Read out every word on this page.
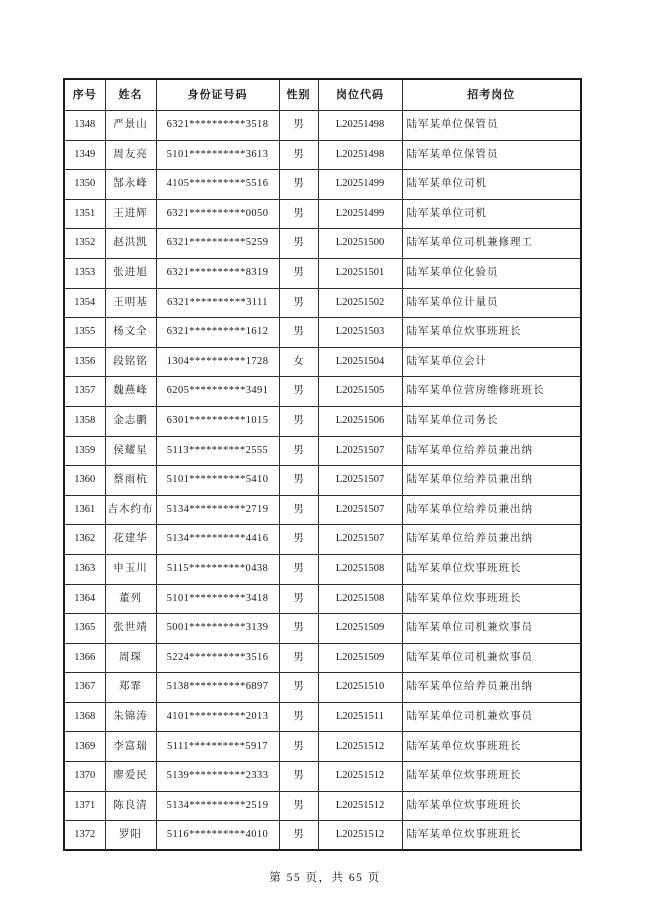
序号	姓名	身份证号码	性别	岗位代码	招考岗位
1348	严景山	6321**********3518	男	L20251498	陆军某单位保管员
1349	周友亮	5101**********3613	男	L20251498	陆军某单位保管员
1350	郜永峰	4105**********5516	男	L20251499	陆军某单位司机
1351	王进辉	6321**********0050	男	L20251499	陆军某单位司机
1352	赵洪凯	6321**********5259	男	L20251500	陆军某单位司机兼修理工
1353	张进旭	6321**********8319	男	L20251501	陆军某单位化验员
1354	王明基	6321**********3111	男	L20251502	陆军某单位计量员
1355	杨文全	6321**********1612	男	L20251503	陆军某单位炊事班班长
1356	段铭铭	1304**********1728	女	L20251504	陆军某单位会计
1357	魏燕峰	6205**********3491	男	L20251505	陆军某单位营房维修班班长
1358	金志鹏	6301**********1015	男	L20251506	陆军某单位司务长
1359	侯耀星	5113**********2555	男	L20251507	陆军某单位给养员兼出纳
1360	蔡雨杭	5101**********5410	男	L20251507	陆军某单位给养员兼出纳
1361	吉木约布	5134**********2719	男	L20251507	陆军某单位给养员兼出纳
1362	花建华	5134**********4416	男	L20251507	陆军某单位给养员兼出纳
1363	申玉川	5115**********0438	男	L20251508	陆军某单位炊事班班长
1364	董列	5101**********3418	男	L20251508	陆军某单位炊事班班长
1365	张世靖	5001**********3139	男	L20251509	陆军某单位司机兼炊事员
1366	周琛	5224**********3516	男	L20251509	陆军某单位司机兼炊事员
1367	郑霏	5138**********6897	男	L20251510	陆军某单位给养员兼出纳
1368	朱锦涛	4101**********2013	男	L20251511	陆军某单位司机兼炊事员
1369	李富瑞	5111**********5917	男	L20251512	陆军某单位炊事班班长
1370	廖爱民	5139**********2333	男	L20251512	陆军某单位炊事班班长
1371	陈良清	5134**********2519	男	L20251512	陆军某单位炊事班班长
1372	罗阳	5116**********4010	男	L20251512	陆军某单位炊事班班长
第 55 页，共 65 页
